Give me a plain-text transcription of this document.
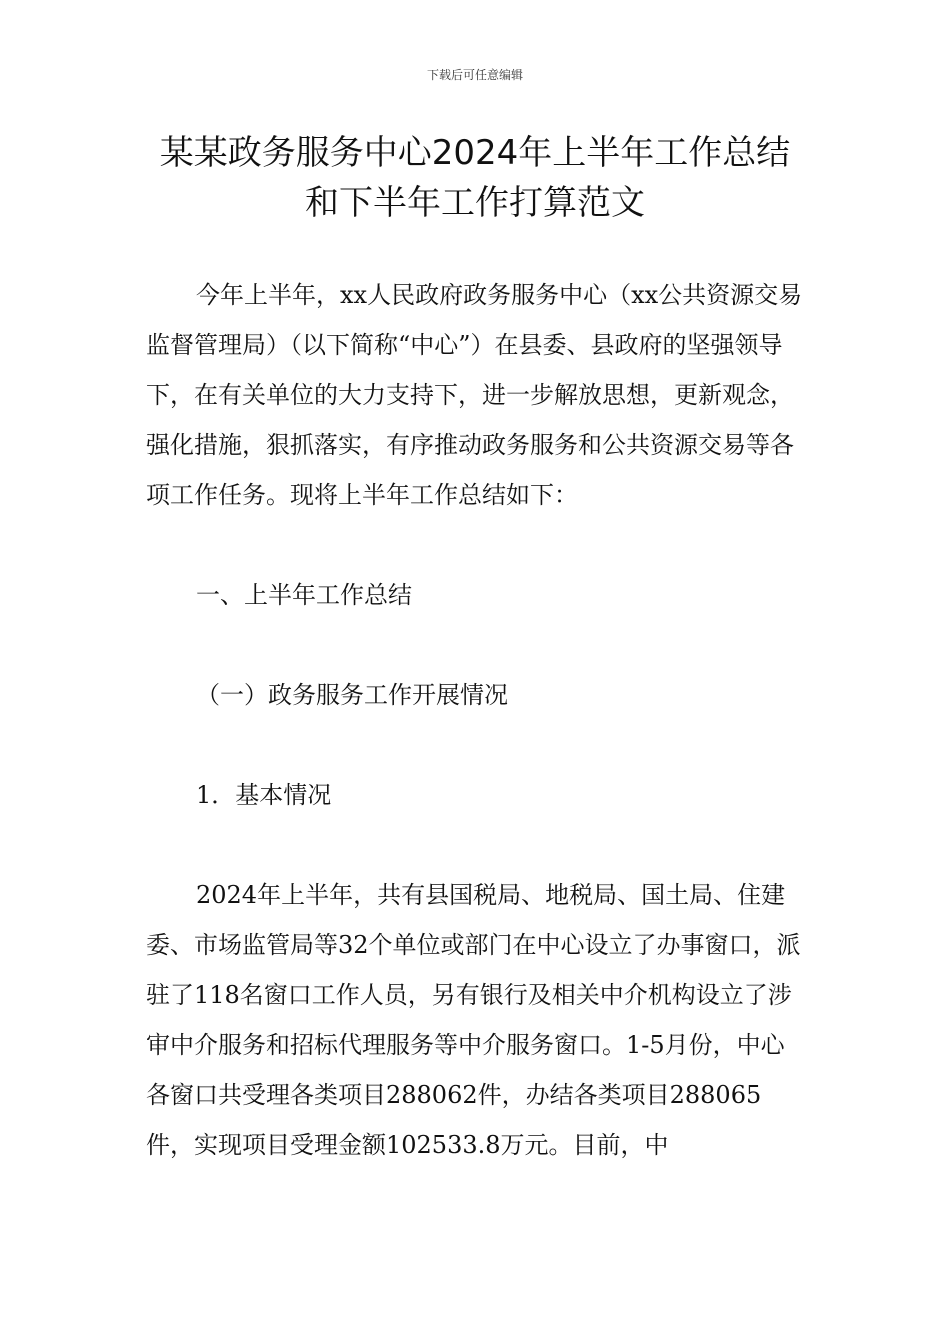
下载后可任意编辑
某某政务服务中心2024年上半年工作总结
和下半年工作打算范文

今年上半年，xx人民政府政务服务中心（xx公共资源交易监督管理局）（以下简称“中心”）在县委、县政府的坚强领导下，在有关单位的大力支持下，进一步解放思想，更新观念，强化措施，狠抓落实，有序推动政务服务和公共资源交易等各项工作任务。现将上半年工作总结如下：

一、上半年工作总结

（一）政务服务工作开展情况

1．基本情况

2024年上半年，共有县国税局、地税局、国土局、住建委、市场监管局等32个单位或部门在中心设立了办事窗口，派驻了118名窗口工作人员，另有银行及相关中介机构设立了涉审中介服务和招标代理服务等中介服务窗口。1-5月份，中心各窗口共受理各类项目288062件，办结各类项目288065件，实现项目受理金额102533.8万元。目前，中
